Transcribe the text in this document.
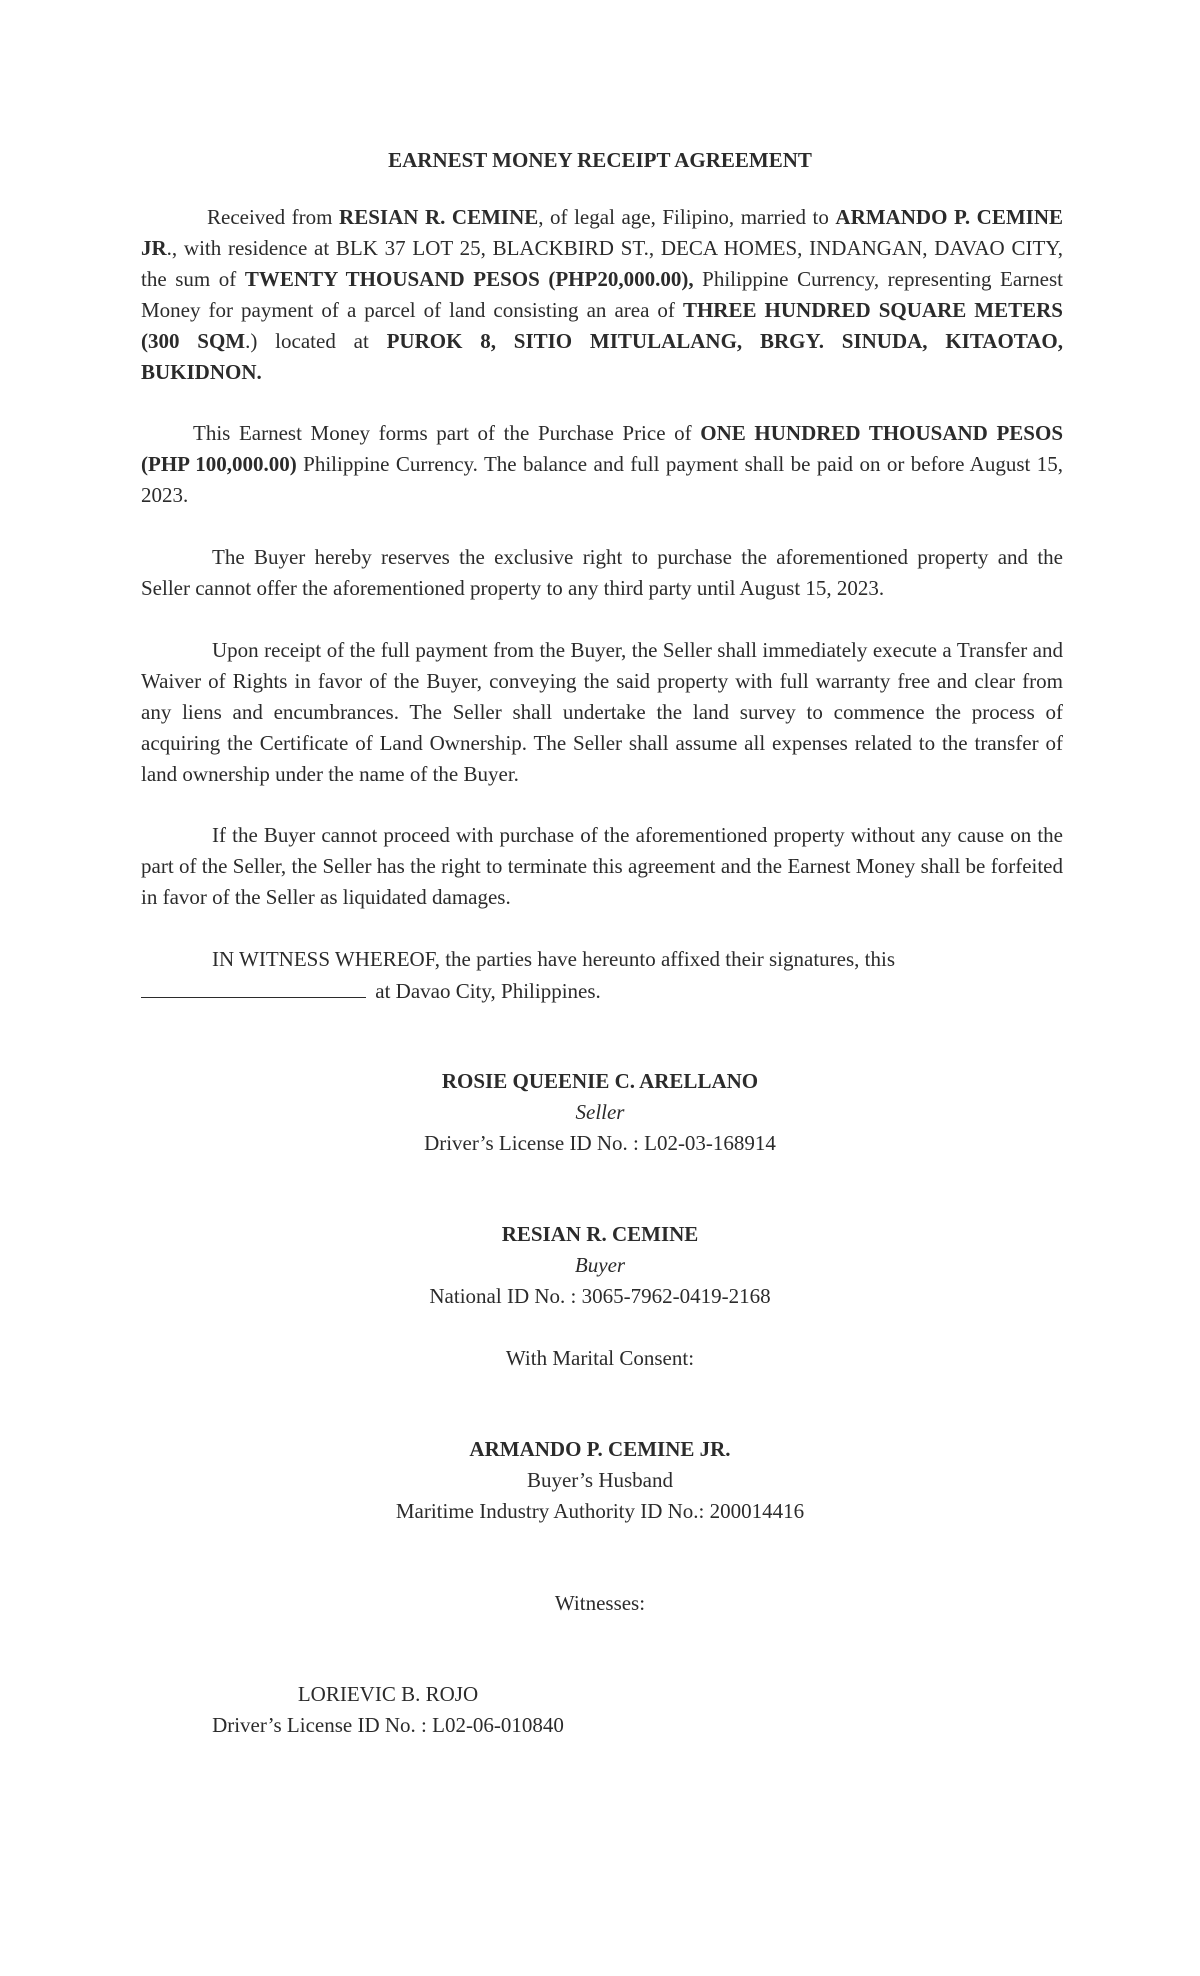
EARNEST MONEY RECEIPT AGREEMENT

Received from RESIAN R. CEMINE, of legal age, Filipino, married to ARMANDO P. CEMINE JR., with residence at BLK 37 LOT 25, BLACKBIRD ST., DECA HOMES, INDANGAN, DAVAO CITY, the sum of TWENTY THOUSAND PESOS (PHP20,000.00), Philippine Currency, representing Earnest Money for payment of a parcel of land consisting an area of THREE HUNDRED SQUARE METERS (300 SQM.) located at PUROK 8, SITIO MITULALANG, BRGY. SINUDA, KITAOTAO, BUKIDNON.

This Earnest Money forms part of the Purchase Price of ONE HUNDRED THOUSAND PESOS (PHP 100,000.00) Philippine Currency. The balance and full payment shall be paid on or before August 15, 2023.

The Buyer hereby reserves the exclusive right to purchase the aforementioned property and the Seller cannot offer the aforementioned property to any third party until August 15, 2023.

Upon receipt of the full payment from the Buyer, the Seller shall immediately execute a Transfer and Waiver of Rights in favor of the Buyer, conveying the said property with full warranty free and clear from any liens and encumbrances. The Seller shall undertake the land survey to commence the process of acquiring the Certificate of Land Ownership. The Seller shall assume all expenses related to the transfer of land ownership under the name of the Buyer.

If the Buyer cannot proceed with purchase of the aforementioned property without any cause on the part of the Seller, the Seller has the right to terminate this agreement and the Earnest Money shall be forfeited in favor of the Seller as liquidated damages.

IN WITNESS WHEREOF, the parties have hereunto affixed their signatures, this
at Davao City, Philippines.

ROSIE QUEENIE C. ARELLANO
Seller
Driver’s License ID No. : L02-03-168914
RESIAN R. CEMINE
Buyer
National ID No. : 3065-7962-0419-2168
With Marital Consent:
ARMANDO P. CEMINE JR.
Buyer’s Husband
Maritime Industry Authority ID No.: 200014416
Witnesses:
LORIEVIC B. ROJO
Driver’s License ID No. : L02-06-010840
